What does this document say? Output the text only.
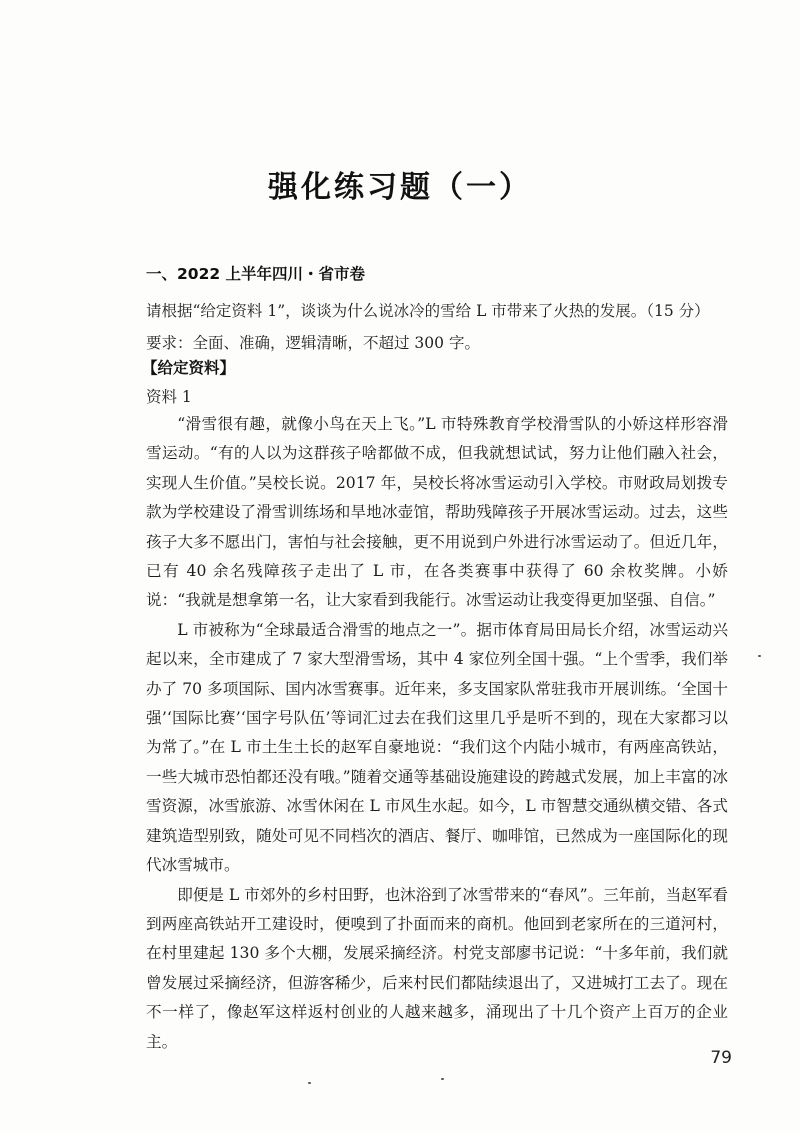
强化练习题（一）
一、2022 上半年四川・省市卷
请根据“给定资料 1”，谈谈为什么说冰冷的雪给 L 市带来了火热的发展。（15 分）
要求：全面、准确，逻辑清晰，不超过 300 字。
【给定资料】
资料 1

“滑雪很有趣，就像小鸟在天上飞。”L 市特殊教育学校滑雪队的小娇这样形容滑雪运动。“有的人以为这群孩子啥都做不成，但我就想试试，努力让他们融入社会，实现人生价值。”吴校长说。2017 年，吴校长将冰雪运动引入学校。市财政局划拨专款为学校建设了滑雪训练场和旱地冰壶馆，帮助残障孩子开展冰雪运动。过去，这些孩子大多不愿出门，害怕与社会接触，更不用说到户外进行冰雪运动了。但近几年，已有 40 余名残障孩子走出了 L 市，在各类赛事中获得了 60 余枚奖牌。小娇说：“我就是想拿第一名，让大家看到我能行。冰雪运动让我变得更加坚强、自信。”

L 市被称为“全球最适合滑雪的地点之一”。据市体育局田局长介绍，冰雪运动兴起以来，全市建成了 7 家大型滑雪场，其中 4 家位列全国十强。“上个雪季，我们举办了 70 多项国际、国内冰雪赛事。近年来，多支国家队常驻我市开展训练。‘全国十强’‘国际比赛’‘国字号队伍’等词汇过去在我们这里几乎是听不到的，现在大家都习以为常了。”在 L 市土生土长的赵军自豪地说：“我们这个内陆小城市，有两座高铁站，一些大城市恐怕都还没有哦。”随着交通等基础设施建设的跨越式发展，加上丰富的冰雪资源，冰雪旅游、冰雪休闲在 L 市风生水起。如今，L 市智慧交通纵横交错、各式建筑造型别致，随处可见不同档次的酒店、餐厅、咖啡馆，已然成为一座国际化的现代冰雪城市。

即便是 L 市郊外的乡村田野，也沐浴到了冰雪带来的“春风”。三年前，当赵军看到两座高铁站开工建设时，便嗅到了扑面而来的商机。他回到老家所在的三道河村，在村里建起 130 多个大棚，发展采摘经济。村党支部廖书记说：“十多年前，我们就曾发展过采摘经济，但游客稀少，后来村民们都陆续退出了，又进城打工去了。现在不一样了，像赵军这样返村创业的人越来越多，涌现出了十几个资产上百万的企业主。

79
